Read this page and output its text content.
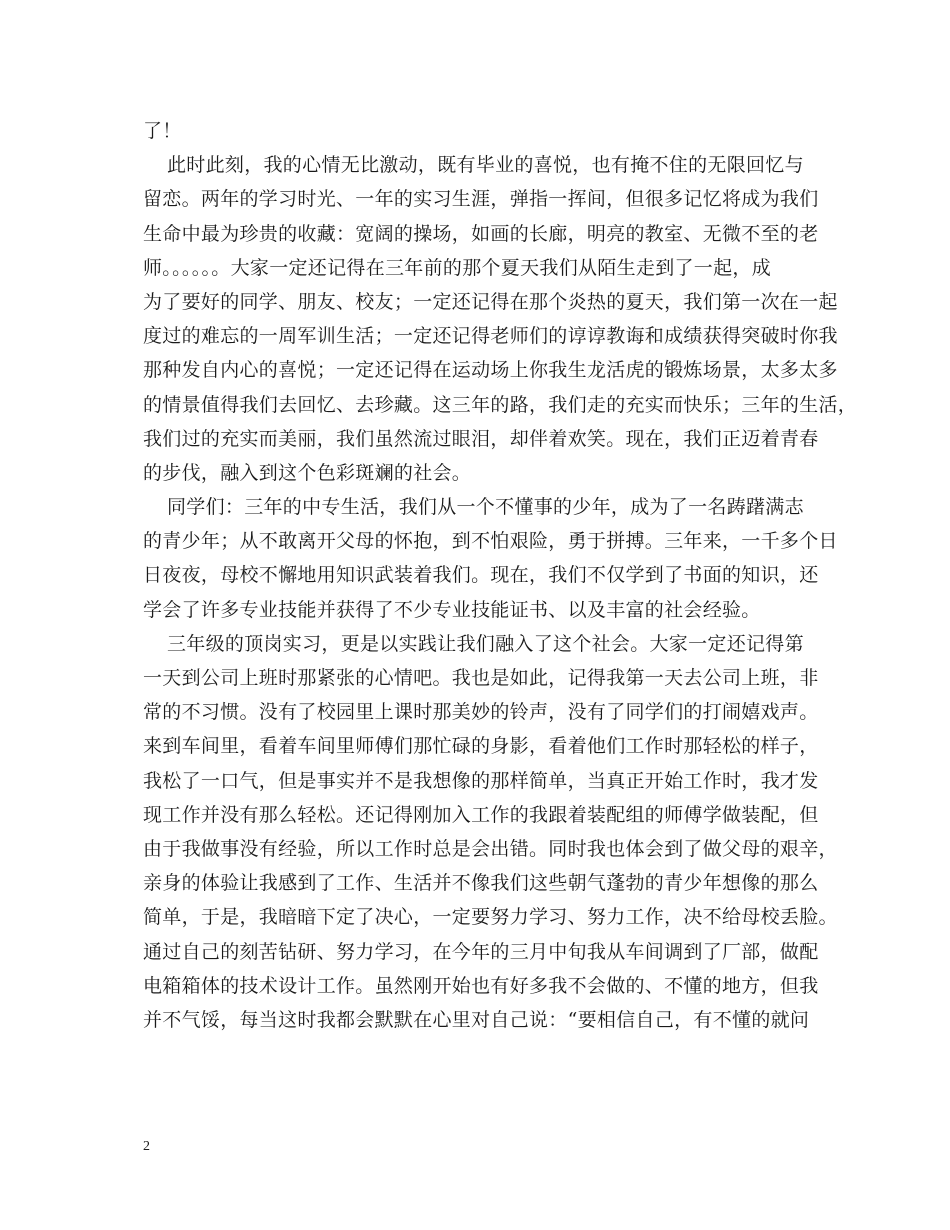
了！
此时此刻，我的心情无比激动，既有毕业的喜悦，也有掩不住的无限回忆与
留恋。两年的学习时光、一年的实习生涯，弹指一挥间，但很多记忆将成为我们
生命中最为珍贵的收藏：宽阔的操场，如画的长廊，明亮的教室、无微不至的老
师。。。。。。大家一定还记得在三年前的那个夏天我们从陌生走到了一起，成
为了要好的同学、朋友、校友；一定还记得在那个炎热的夏天，我们第一次在一起
度过的难忘的一周军训生活；一定还记得老师们的谆谆教诲和成绩获得突破时你我
那种发自内心的喜悦；一定还记得在运动场上你我生龙活虎的锻炼场景，太多太多
的情景值得我们去回忆、去珍藏。这三年的路，我们走的充实而快乐；三年的生活，
我们过的充实而美丽，我们虽然流过眼泪，却伴着欢笑。现在，我们正迈着青春
的步伐，融入到这个色彩斑斓的社会。
同学们：三年的中专生活，我们从一个不懂事的少年，成为了一名踌躇满志
的青少年；从不敢离开父母的怀抱，到不怕艰险，勇于拼搏。三年来，一千多个日
日夜夜，母校不懈地用知识武装着我们。现在，我们不仅学到了书面的知识，还
学会了许多专业技能并获得了不少专业技能证书、以及丰富的社会经验。
三年级的顶岗实习，更是以实践让我们融入了这个社会。大家一定还记得第
一天到公司上班时那紧张的心情吧。我也是如此，记得我第一天去公司上班，非
常的不习惯。没有了校园里上课时那美妙的铃声，没有了同学们的打闹嬉戏声。
来到车间里，看着车间里师傅们那忙碌的身影，看着他们工作时那轻松的样子，
我松了一口气，但是事实并不是我想像的那样简单，当真正开始工作时，我才发
现工作并没有那么轻松。还记得刚加入工作的我跟着装配组的师傅学做装配，但
由于我做事没有经验，所以工作时总是会出错。同时我也体会到了做父母的艰辛，
亲身的体验让我感到了工作、生活并不像我们这些朝气蓬勃的青少年想像的那么
简单，于是，我暗暗下定了决心，一定要努力学习、努力工作，决不给母校丢脸。
通过自己的刻苦钻研、努力学习，在今年的三月中旬我从车间调到了厂部，做配
电箱箱体的技术设计工作。虽然刚开始也有好多我不会做的、不懂的地方，但我
并不气馁，每当这时我都会默默在心里对自己说：“要相信自己，有不懂的就问
2
